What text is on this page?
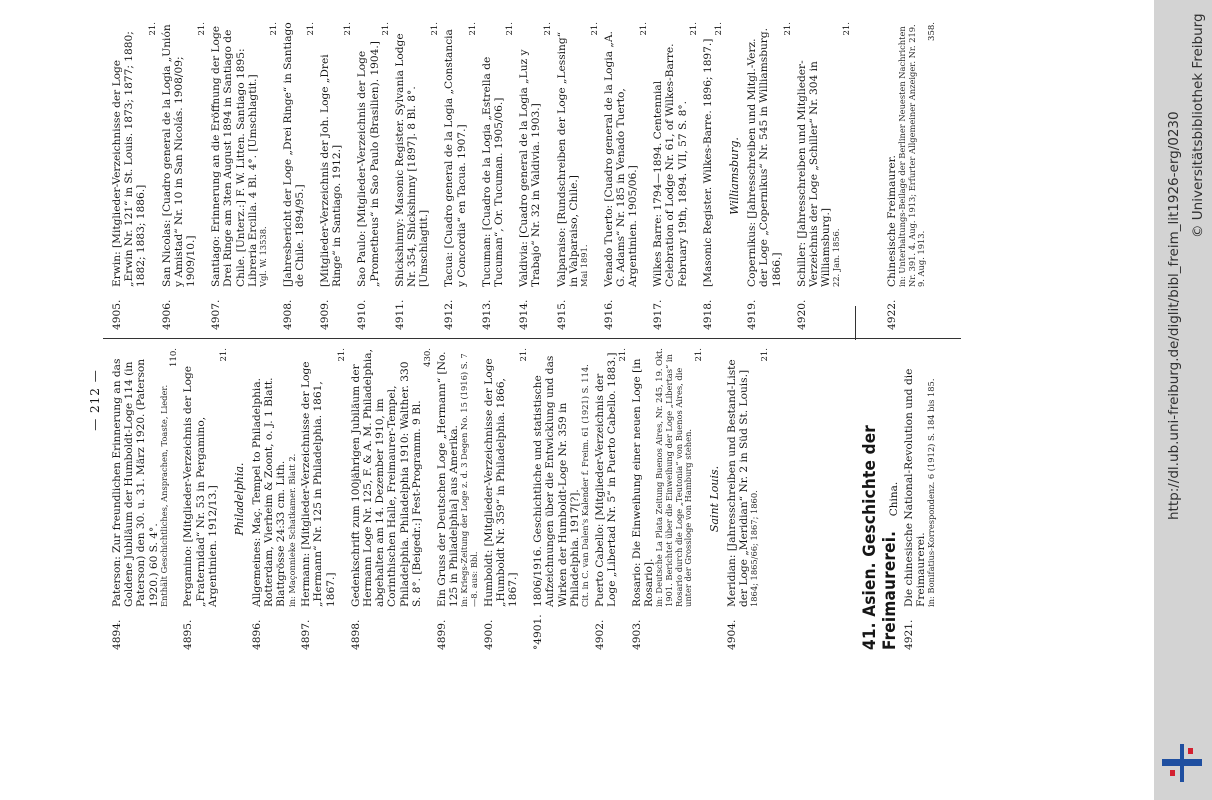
— 212 —
4894.
Paterson: Zur freundlichen Erinnerung an das Goldene Jubiläum der Humboldt-Loge 114 (in Paterson) den 30. u. 31. März 1920. (Paterson 1920.) 60 S. 4°. Enthält Geschichtliches, Ansprachen, Toaste, Lieder.
110.
4895.
Pergamino: [Mitglieder-Verzeichnis der Loge „Fraternidad“ Nr. 53 in Pergamino, Argentinien. 1912/13.]
21.
Philadelphia.
4896.
Allgemeines: Maç. Tempel to Philadelphia. Rotterdam, Vierheim & Zoont, o. J. 1 Blatt. Blattgrösse 24:33 cm. Lith. in: Maçonnieke Schatkamer. Blatt 2.
4897.
Hermann: [Mitglieder-Verzeichnisse der Loge „Hermann“ Nr. 125 in Philadelphia. 1861, 1867.]
21.
4898.
Gedenkschrift zum 100jährigen Jubiläum der Hermann Loge Nr. 125, F. & A. M. Philadelphia, abgehalten am 14. Dezember 1910, im Corinthischen Halle, Freimaurer-Tempel, Philadelphia. Philadelphia 1910: Walther. 330 S. 8°. [Beigedr.:] Fest-Programm. 9 Bl.
430.
4899.
Ein Gruss der Deutschen Loge „Hermann“ [No. 125 in Philadelphia] aus Amerika. in: Kriegs-Zeitung der Loge z. d. 3 Degen No. 15 (1916) S. 7—8. aus: Bbl.
4900.
Humboldt: [Mitglieder-Verzeichnisse der Loge „Humboldt Nr. 359“ in Philadelphia. 1866, 1867.]
21.
°4901.
1806/1916. Geschichtliche und statistische Aufzeichnungen über die Entwicklung und das Wirken der Humboldt-Loge Nr. 359 in Philadelphia. 1917[?]. Cit. in C. van Dalen's Kalender f. Freim. 61 (1921) S. 114.
4902.
Puerto Cabello: [Mitglieder-Verzeichnis der Loge „Libertad Nr. 5“ in Puerto Cabello. 1883.] 21.
4903.
Rosario: Die Einweihung einer neuen Loge [in Rosario]. in: Deutsche La Plata Zeitung Buenos Aires, Nr. 245, 19. Okt. 1901. Berichtet über die Einweihung der Loge „Libertas“ in Rosario durch die Loge „Teutonia“ von Buenos Aires, die unter der Grossloge von Hamburg stehen.
21.
Saint Louis.
4904.
Meridian: [Jahresschreiben und Bestand-Liste der Loge „Meridian“ Nr. 2 in Süd St. Louis.] 1864; 1865/66; 1867; 1860.
21.
4905.
Erwin: [Mitglieder-Verzeichnisse der Loge „Erwin Nr. 121“ in St. Louis. 1873; 1877; 1880; 1882; 1883; 1886.]
21.
4906.
San Nicolas: [Cuadro general de la Logia „Unión y Amistad“ Nr. 10 in San Nicolás. 1908/09; 1909/10.]
21.
4907.
Santiago: Erinnerung an die Eröffnung der Loge Drei Ringe am 3ten August 1894 in Santiago de Chile. [Unterz.:] F. W. Litten. Santiago 1895: Libreria Ercilla. 4 Bl. 4°. [Umschlagtit.] Vgl. W. 13538.
21.
4908.
[Jahresbericht der Loge „Drei Ringe“ in Santiago de Chile. 1894/95.]
21.
4909.
[Mitglieder-Verzeichnis der Joh. Loge „Drei Ringe“ in Santiago. 1912.]
21.
4910.
Sao Paulo: [Mitglieder-Verzeichnis der Loge „Prometheus“ in Sao Paulo (Brasilien). 1904.]
21.
4911.
Shickshinny: Masonic Register. Sylvania Lodge Nr. 354, Shickshinny [1897]. 8 Bl. 8°. [Umschlagtit.]
21.
4912.
Tacua: [Cuadro general de la Logia „Constancia y Concordia“ en Tacua. 1907.]
21.
4913.
Tucuman: [Cuadro de la Logia „Estrella de Tucuman“, Or. Tucuman. 1905/06.]
21.
4914.
Valdivia: [Cuadro general de la Logia „Luz y Trabajo“ Nr. 32 in Valdivia. 1903.]
21.
4915.
Valparaiso: [Rundschreiben der Loge „Lessing“ in Valparaiso, Chile.] Mai 1891.
21.
4916.
Venado Tuerto: [Cuadro general de la Logia „A. G. Adams“ Nr. 185 in Venado Tuerto, Argentinien. 1905/06.]
21.
4917.
Wilkes Barre: 1794—1894. Centennial Celebration of Lodge Nr. 61, of Wilkes-Barre. February 19th, 1894. VII, 57 S. 8°.
21.
4918.
[Masonic Register. Wilkes-Barre. 1896; 1897.]
21.
Williamsburg.
4919.
Copernikus: [Jahresschreiben und Mitgl.-Verz. der Loge „Copernikus“ Nr. 545 in Williamsburg. 1866.]
21.
4920.
Schiller: [Jahresschreiben und Mitglieder-Verzeichnis der Loge „Schiller“ Nr. 304 in Williamsburg.] 22. Jan. 1856.
21.
41. Asien. Geschichte der Freimaurerei.
China.
4921.
Die chinesische National-Revolution und die Freimaurerei. in: Bonifatius-Korrespondenz. 6 (1912) S. 184 bis 185.
4922.
Chinesische Freimaurer. in: Unterhaltungs-Beilage der Berliner Neuesten Nachrichten Nr. 391. 4. Aug. 1913; Erfurter Allgemeiner Anzeiger. Nr. 219. 9. Aug. 1913.
358.
http://dl.ub.uni-freiburg.de/diglit/bibl_freim_lit1926-erg/0230 © Universitätsbibliothek Freiburg
